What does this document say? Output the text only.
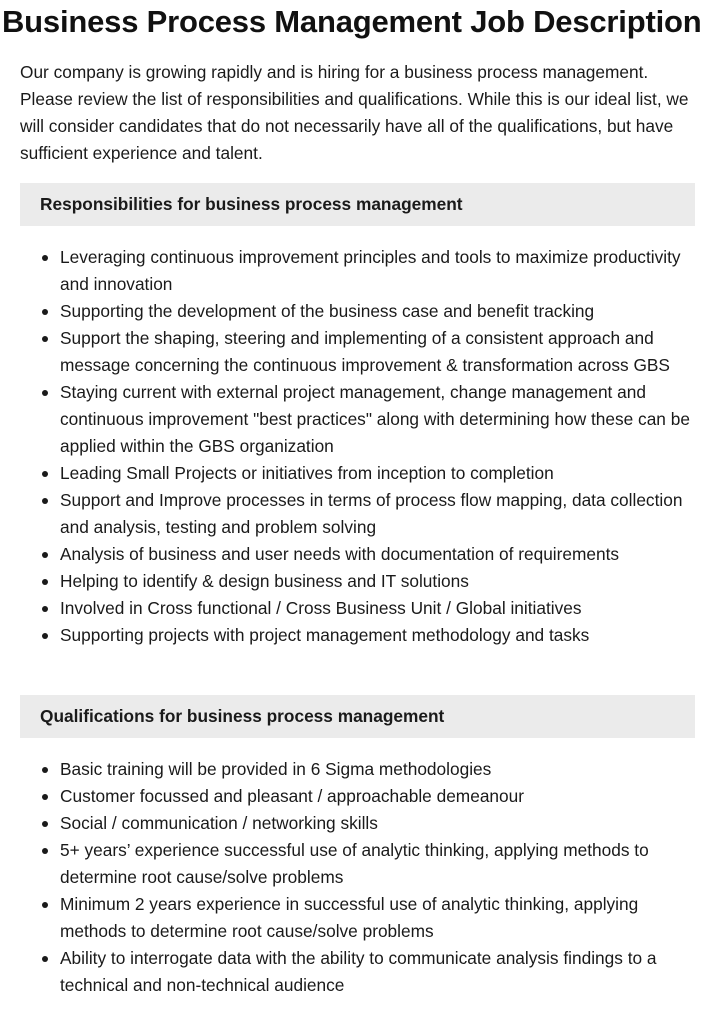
Business Process Management Job Description

Our company is growing rapidly and is hiring for a business process management. Please review the list of responsibilities and qualifications. While this is our ideal list, we will consider candidates that do not necessarily have all of the qualifications, but have sufficient experience and talent.

Responsibilities for business process management
Leveraging continuous improvement principles and tools to maximize productivity and innovation
Supporting the development of the business case and benefit tracking
Support the shaping, steering and implementing of a consistent approach and message concerning the continuous improvement & transformation across GBS
Staying current with external project management, change management and continuous improvement "best practices" along with determining how these can be applied within the GBS organization
Leading Small Projects or initiatives from inception to completion
Support and Improve processes in terms of process flow mapping, data collection and analysis, testing and problem solving
Analysis of business and user needs with documentation of requirements
Helping to identify & design business and IT solutions
Involved in Cross functional / Cross Business Unit / Global initiatives
Supporting projects with project management methodology and tasks
Qualifications for business process management
Basic training will be provided in 6 Sigma methodologies
Customer focussed and pleasant / approachable demeanour
Social / communication / networking skills
5+ years’ experience successful use of analytic thinking, applying methods to determine root cause/solve problems
Minimum 2 years experience in successful use of analytic thinking, applying methods to determine root cause/solve problems
Ability to interrogate data with the ability to communicate analysis findings to a technical and non-technical audience
